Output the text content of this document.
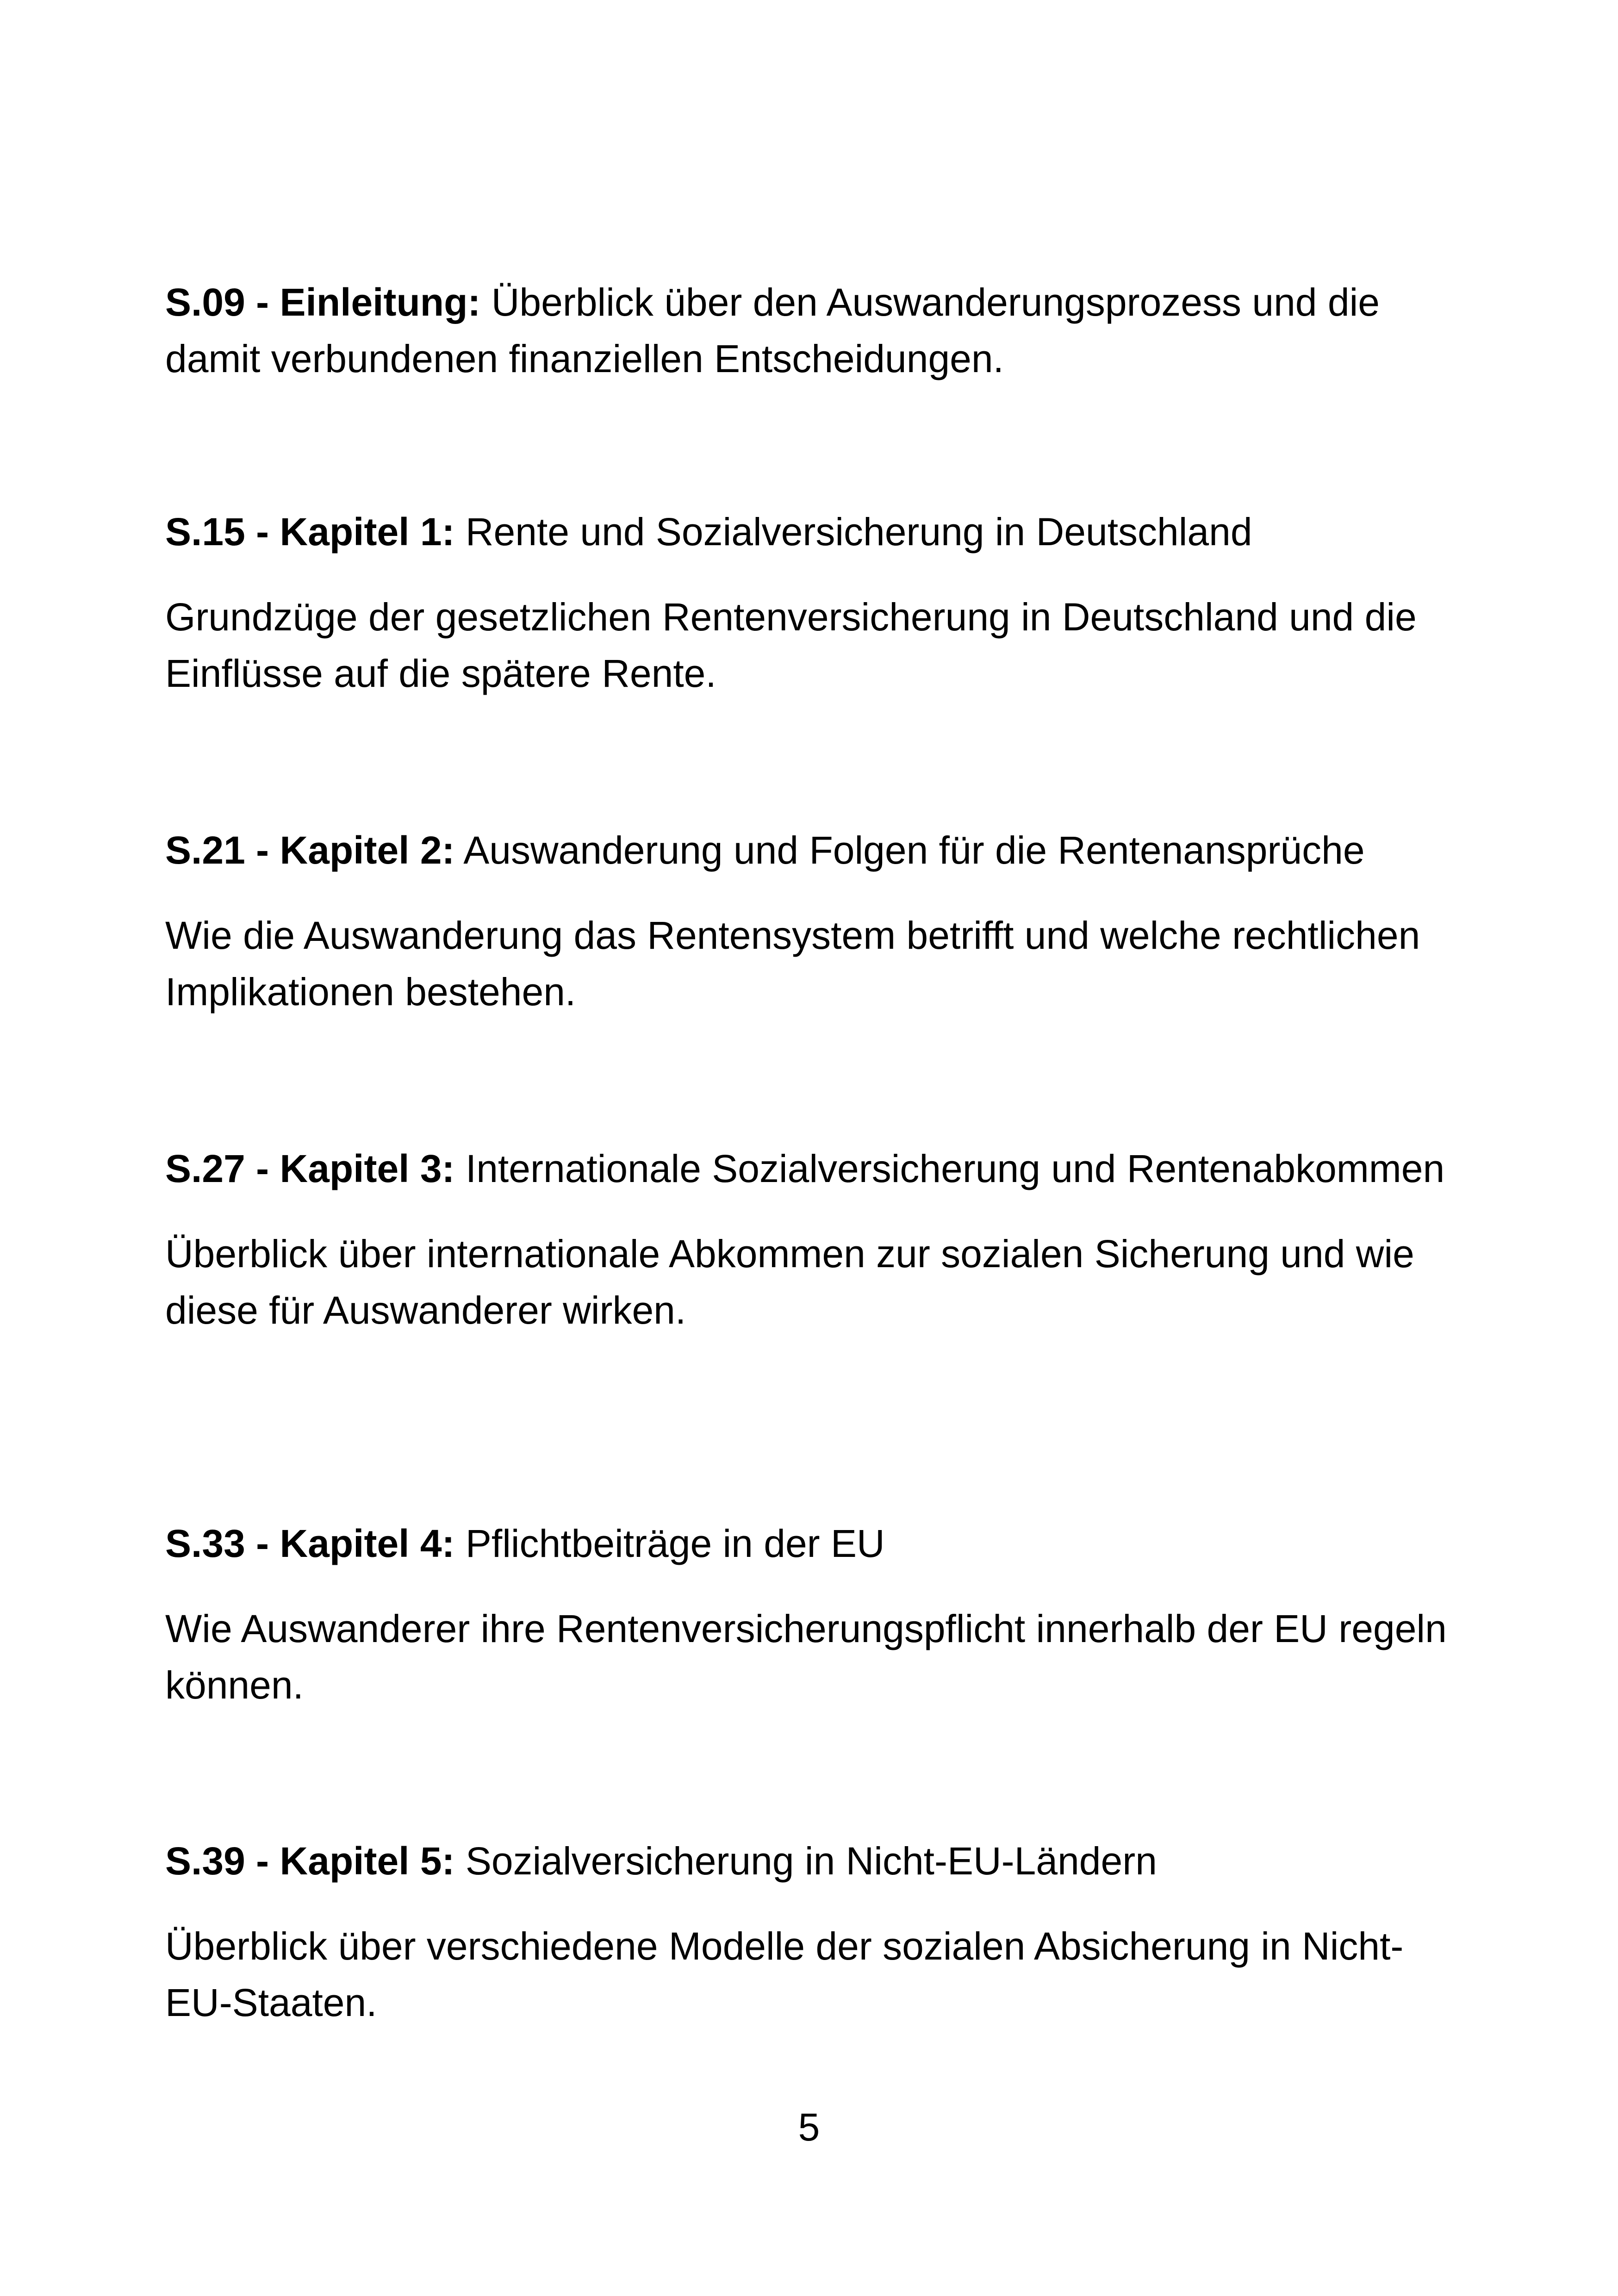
S.09 - Einleitung: Überblick über den Auswanderungsprozess und die damit verbundenen finanziellen Entscheidungen.

S.15 - Kapitel 1: Rente und Sozialversicherung in Deutschland

Grundzüge der gesetzlichen Rentenversicherung in Deutschland und die Einflüsse auf die spätere Rente.

S.21 - Kapitel 2: Auswanderung und Folgen für die Rentenansprüche

Wie die Auswanderung das Rentensystem betrifft und welche rechtlichen Implikationen bestehen.

S.27 - Kapitel 3: Internationale Sozialversicherung und Rentenabkommen

Überblick über internationale Abkommen zur sozialen Sicherung und wie diese für Auswanderer wirken.

S.33 - Kapitel 4: Pflichtbeiträge in der EU

Wie Auswanderer ihre Rentenversicherungspflicht innerhalb der EU regeln können.

S.39 - Kapitel 5: Sozialversicherung in Nicht-EU-Ländern

Überblick über verschiedene Modelle der sozialen Absicherung in Nicht-EU-Staaten.

5
